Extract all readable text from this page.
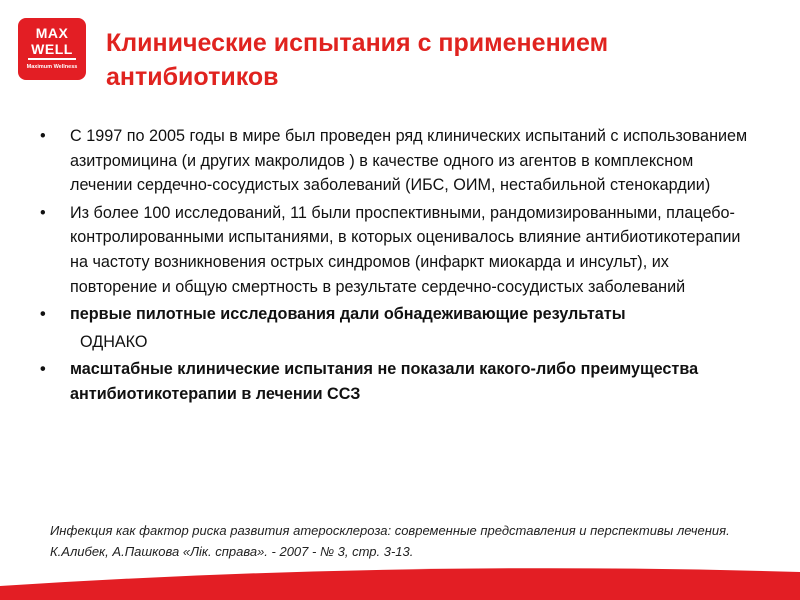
MAX
WELL
Maximum Wellness
Клинические испытания с применением антибиотиков
•	С 1997 по 2005 годы в мире был проведен ряд клинических испытаний с использованием азитромицина (и других макролидов ) в качестве одного из агентов в комплексном лечении сердечно-сосудистых заболеваний (ИБС, ОИМ, нестабильной стенокардии)
•	Из более 100 исследований, 11 были проспективными, рандомизированными, плацебо-контролированными испытаниями, в которых оценивалось влияние антибиотикотерапии на частоту возникновения острых синдромов (инфаркт миокарда и инсульт), их повторение и общую смертность в результате сердечно-сосудистых заболеваний
•	первые пилотные исследования дали обнадеживающие результаты
ОДНАКО
•	масштабные клинические испытания не показали какого-либо преимущества антибиотикотерапии в лечении ССЗ

Инфекция как фактор риска развития атеросклероза: современные представления и перспективы лечения. К.Алибек, А.Пашкова «Лік. справа». - 2007 - № 3, стр. 3-13.
